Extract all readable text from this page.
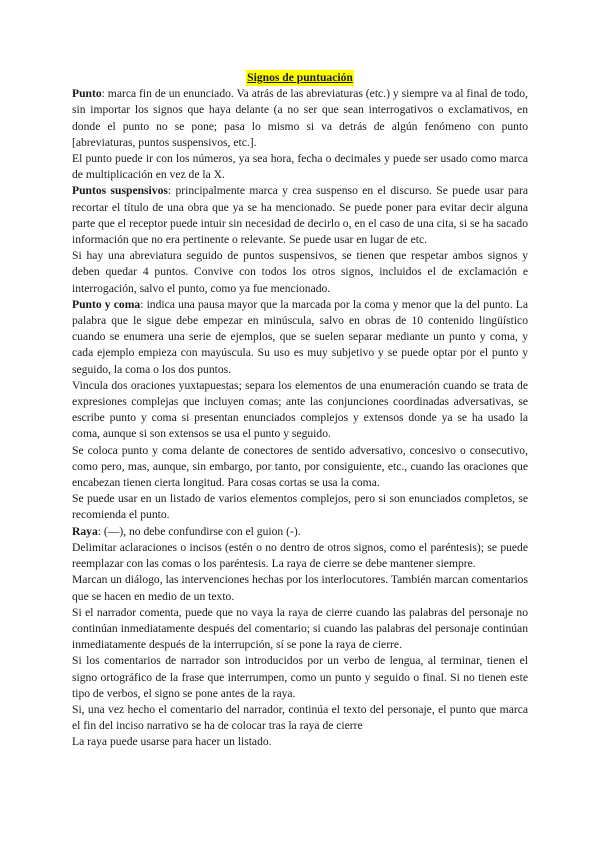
Signos de puntuación

Punto: marca fin de un enunciado. Va atrás de las abreviaturas (etc.) y siempre va al final de todo, sin importar los signos que haya delante (a no ser que sean interrogativos o exclamativos, en donde el punto no se pone; pasa lo mismo si va detrás de algún fenómeno con punto [abreviaturas, puntos suspensivos, etc.].

El punto puede ir con los números, ya sea hora, fecha o decimales y puede ser usado como marca de multiplicación en vez de la X.

Puntos suspensivos: principalmente marca y crea suspenso en el discurso. Se puede usar para recortar el título de una obra que ya se ha mencionado. Se puede poner para evitar decir alguna parte que el receptor puede intuir sin necesidad de decirlo o, en el caso de una cita, si se ha sacado información que no era pertinente o relevante. Se puede usar en lugar de etc.

Si hay una abreviatura seguido de puntos suspensivos, se tienen que respetar ambos signos y deben quedar 4 puntos. Convive con todos los otros signos, incluidos el de exclamación e interrogación, salvo el punto, como ya fue mencionado.

Punto y coma: indica una pausa mayor que la marcada por la coma y menor que la del punto. La palabra que le sigue debe empezar en minúscula, salvo en obras de 10 contenido lingüístico cuando se enumera una serie de ejemplos, que se suelen separar mediante un punto y coma, y cada ejemplo empieza con mayúscula. Su uso es muy subjetivo y se puede optar por el punto y seguido, la coma o los dos puntos.

Vincula dos oraciones yuxtapuestas; separa los elementos de una enumeración cuando se trata de expresiones complejas que incluyen comas; ante las conjunciones coordinadas adversativas, se escribe punto y coma si presentan enunciados complejos y extensos donde ya se ha usado la coma, aunque si son extensos se usa el punto y seguido.

Se coloca punto y coma delante de conectores de sentido adversativo, concesivo o consecutivo, como pero, mas, aunque, sin embargo, por tanto, por consiguiente, etc., cuando las oraciones que encabezan tienen cierta longitud. Para cosas cortas se usa la coma.

Se puede usar en un listado de varios elementos complejos, pero si son enunciados completos, se recomienda el punto.

Raya: (—), no debe confundirse con el guion (-).

Delimitar aclaraciones o incisos (estén o no dentro de otros signos, como el paréntesis); se puede reemplazar con las comas o los paréntesis. La raya de cierre se debe mantener siempre.

Marcan un diálogo, las intervenciones hechas por los interlocutores. También marcan comentarios que se hacen en medio de un texto.

Si el narrador comenta, puede que no vaya la raya de cierre cuando las palabras del personaje no continúan inmediatamente después del comentario; si cuando las palabras del personaje continúan inmediatamente después de la interrupción, sí se pone la raya de cierre.

Si los comentarios de narrador son introducidos por un verbo de lengua, al terminar, tienen el signo ortográfico de la frase que interrumpen, como un punto y seguido o final. Si no tienen este tipo de verbos, el signo se pone antes de la raya.

Si, una vez hecho el comentario del narrador, continúa el texto del personaje, el punto que marca el fin del inciso narrativo se ha de colocar tras la raya de cierre

La raya puede usarse para hacer un listado.
